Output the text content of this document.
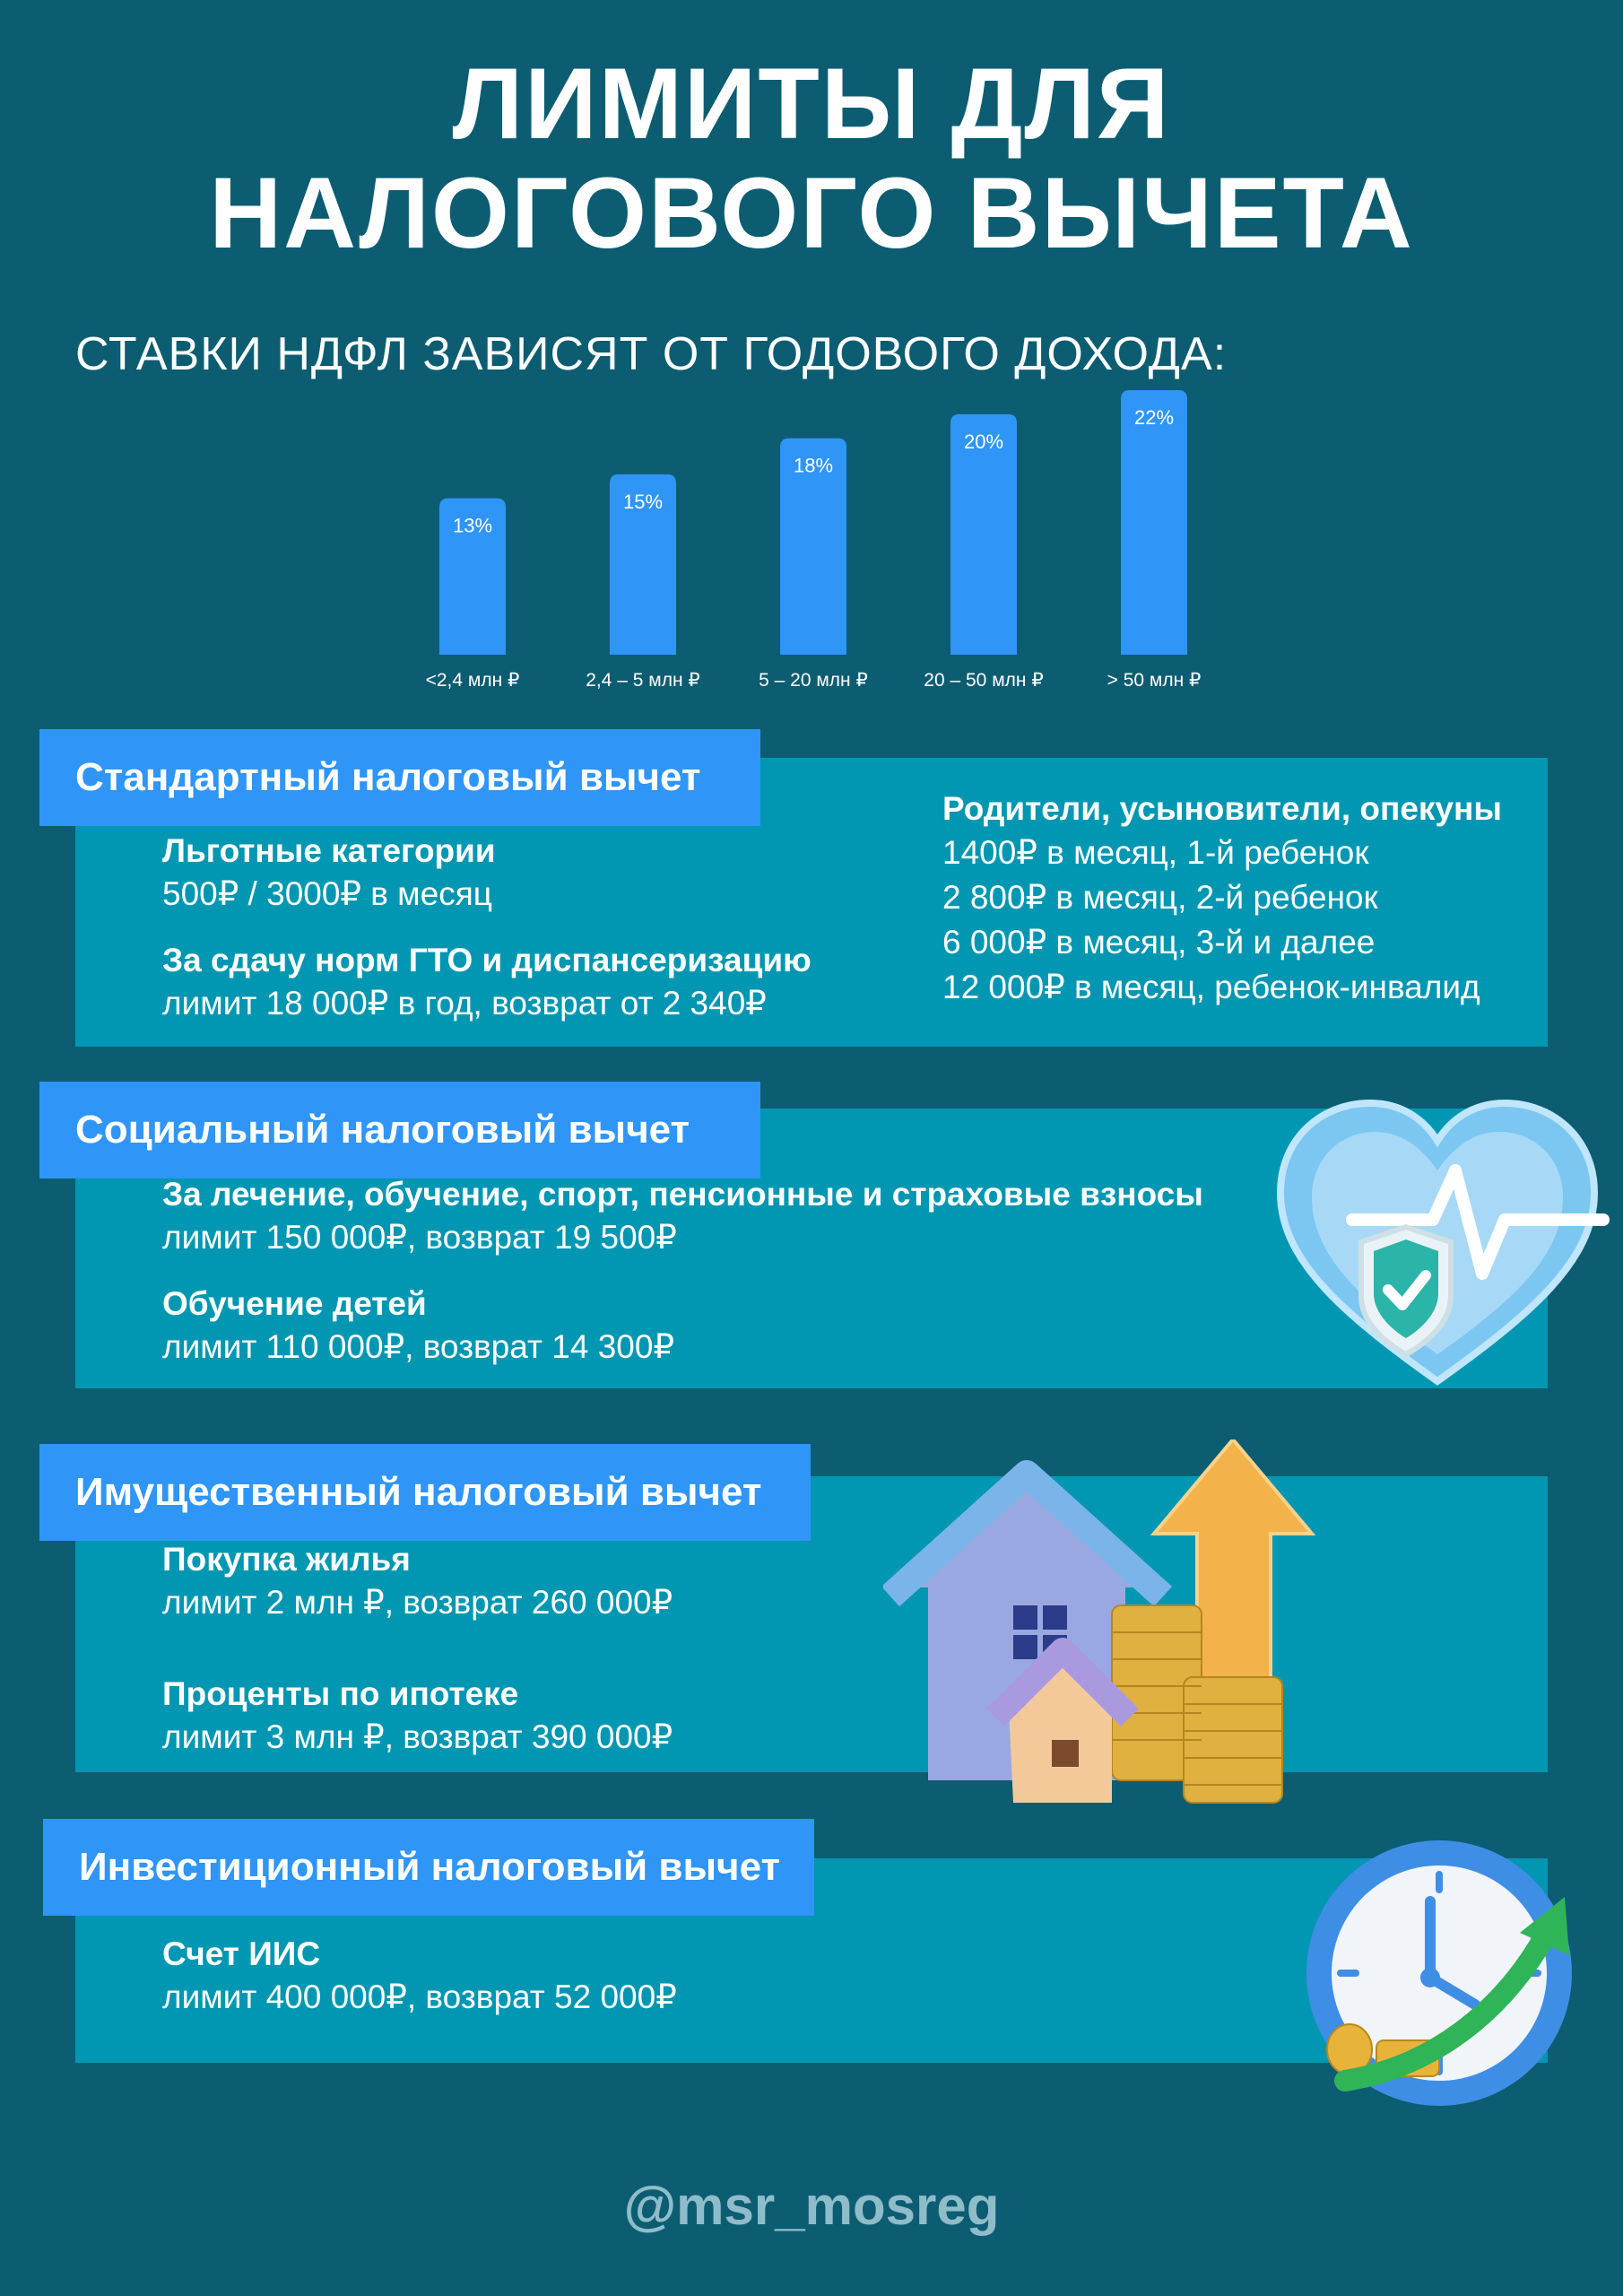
ЛИМИТЫ ДЛЯ
НАЛОГОВОГО ВЫЧЕТА
СТАВКИ НДФЛ ЗАВИСЯТ ОТ ГОДОВОГО ДОХОДА:
13%
<2,4 млн ₽
15%
2,4 – 5 млн ₽
18%
5 – 20 млн ₽
20%
20 – 50 млн ₽
22%
> 50 млн ₽
Стандартный налоговый вычет
Льготные категории
500₽ / 3000₽ в месяц
За сдачу норм ГТО и диспансеризацию
лимит 18 000₽ в год, возврат от 2 340₽
Родители, усыновители, опекуны
1400₽ в месяц, 1-й ребенок
2 800₽ в месяц, 2-й ребенок
6 000₽ в месяц, 3-й и далее
12 000₽ в месяц, ребенок-инвалид
Социальный налоговый вычет
За лечение, обучение, спорт, пенсионные и страховые взносы
лимит 150 000₽, возврат 19 500₽
Обучение детей
лимит 110 000₽, возврат 14 300₽
Имущественный налоговый вычет
Покупка жилья
лимит 2 млн ₽, возврат 260 000₽
Проценты по ипотеке
лимит 3 млн ₽, возврат 390 000₽
Инвестиционный налоговый вычет
Счет ИИС
лимит 400 000₽, возврат 52 000₽
@msr_mosreg
